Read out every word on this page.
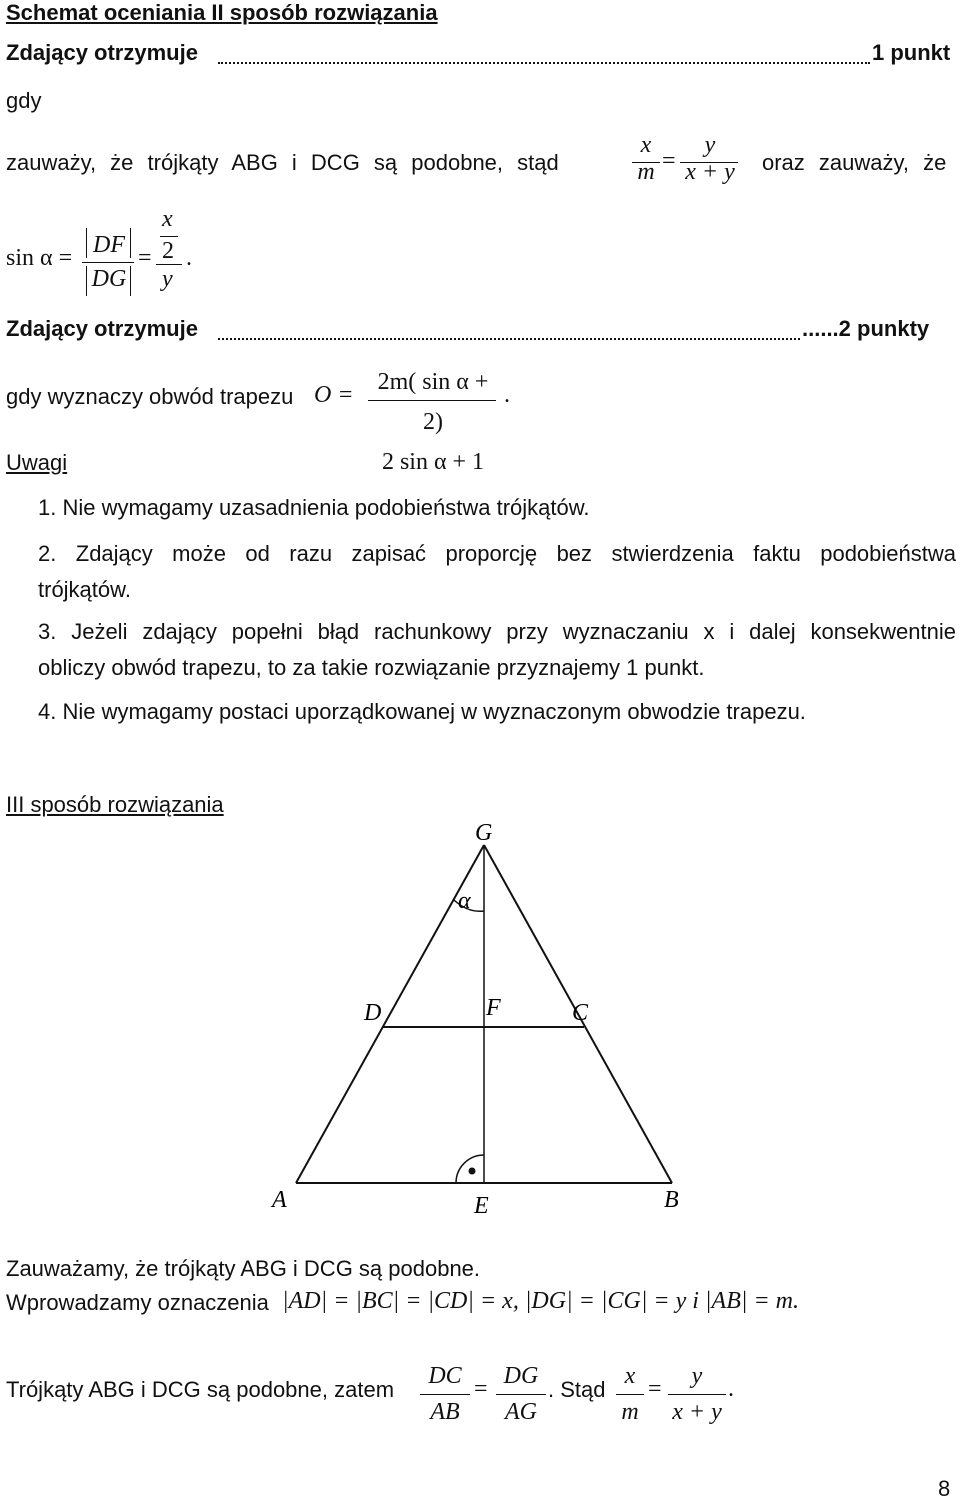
Schemat oceniania II sposób rozwiązania
Zdający otrzymuje	1 punkt
gdy
zauważy, że trójkąty ABG i DCG są podobne, stąd
x
m =
y
x + y oraz zauważy, że
sin α = DF
DG
=
x
2
y
.
Zdający otrzymuje	......2 punkty
gdy wyznaczy obwód trapezu O =	2m( sin α + 2)
2 sin α + 1
.
Uwagi
1. Nie wymagamy uzasadnienia podobieństwa trójkątów.
2. Zdający może od razu zapisać proporcję bez stwierdzenia faktu podobieństwa
trójkątów.
3. Jeżeli zdający popełni błąd rachunkowy przy wyznaczaniu x i dalej konsekwentnie
obliczy obwód trapezu, to za takie rozwiązanie przyznajemy 1 punkt.
4. Nie wymagamy postaci uporządkowanej w wyznaczonym obwodzie trapezu.
III sposób rozwiązania
G
α
D	F	C
A	E	B
Zauważamy, że trójkąty ABG i DCG są podobne.
Wprowadzamy oznaczenia |AD| = |BC| = |CD| = x, |DG| = |CG| = y i |AB| = m.
Trójkąty ABG i DCG są podobne, zatem
DC
AB
= DG
AG
. Stąd
x
m
=	y
x + y
.
8
